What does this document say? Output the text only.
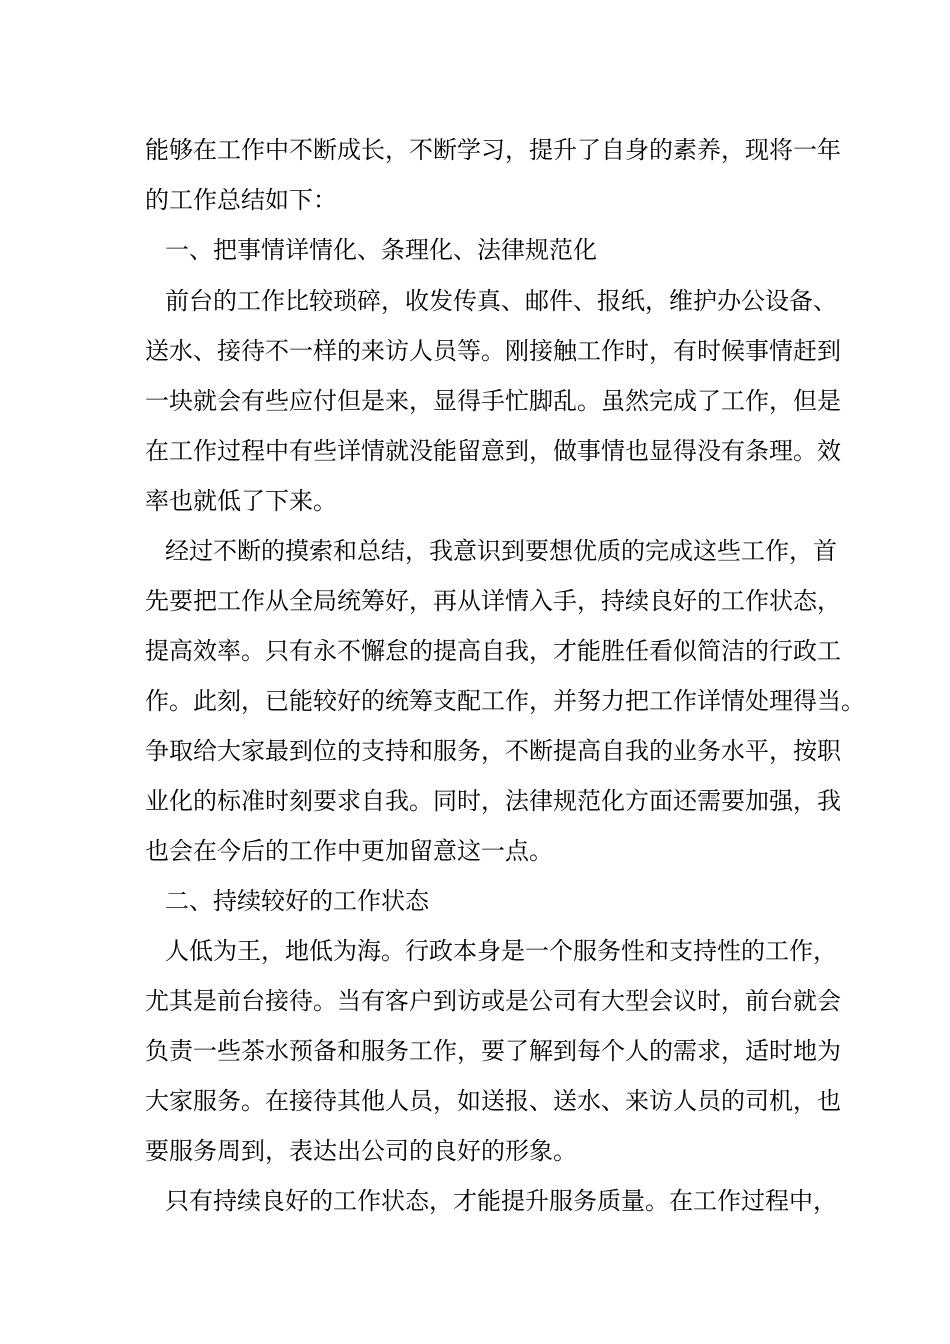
能够在工作中不断成长，不断学习，提升了自身的素养，现将一年
的工作总结如下：
一、把事情详情化、条理化、法律规范化
前台的工作比较琐碎，收发传真、邮件、报纸，维护办公设备、
送水、接待不一样的来访人员等。刚接触工作时，有时候事情赶到
一块就会有些应付但是来，显得手忙脚乱。虽然完成了工作，但是
在工作过程中有些详情就没能留意到，做事情也显得没有条理。效
率也就低了下来。
经过不断的摸索和总结，我意识到要想优质的完成这些工作，首
先要把工作从全局统筹好，再从详情入手，持续良好的工作状态，
提高效率。只有永不懈怠的提高自我，才能胜任看似简洁的行政工
作。此刻，已能较好的统筹支配工作，并努力把工作详情处理得当。
争取给大家最到位的支持和服务，不断提高自我的业务水平，按职
业化的标准时刻要求自我。同时，法律规范化方面还需要加强，我
也会在今后的工作中更加留意这一点。
二、持续较好的工作状态
人低为王，地低为海。行政本身是一个服务性和支持性的工作，
尤其是前台接待。当有客户到访或是公司有大型会议时，前台就会
负责一些茶水预备和服务工作，要了解到每个人的需求，适时地为
大家服务。在接待其他人员，如送报、送水、来访人员的司机，也
要服务周到，表达出公司的良好的形象。
只有持续良好的工作状态，才能提升服务质量。在工作过程中，
